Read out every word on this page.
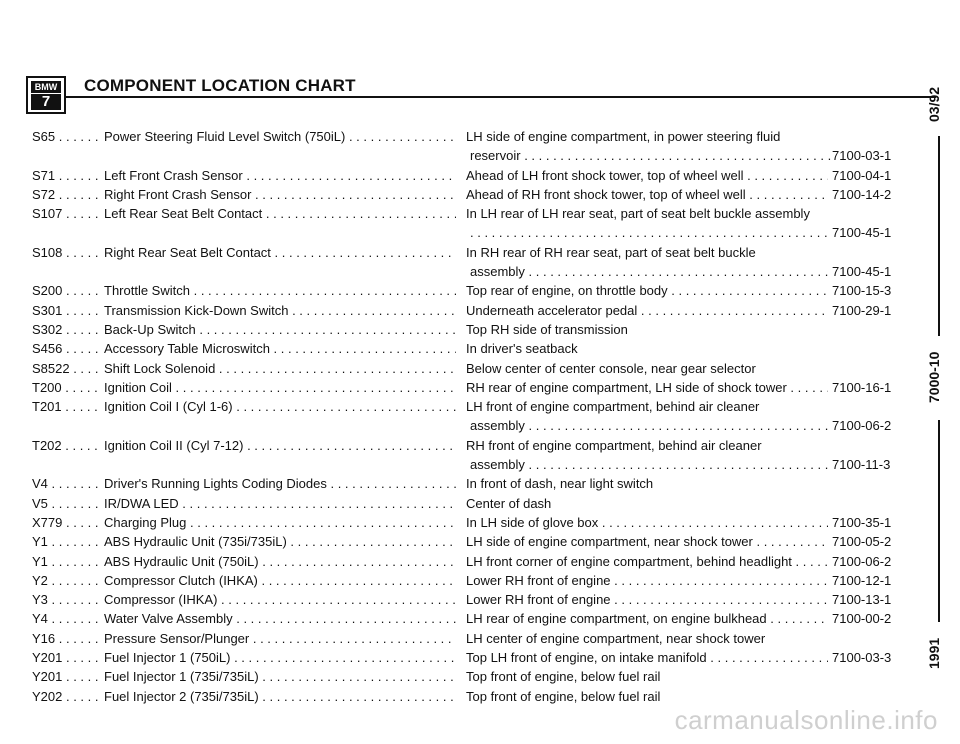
BMW
7
COMPONENT LOCATION CHART
S65 . . .	Power Steering Fluid Level Switch (750iL) . . .	LH side of engine compartment, in power steering fluid
reservoir . . .	7100-03-1
S71 . . .	Left Front Crash Sensor . . .	Ahead of LH front shock tower, top of wheel well . . .	7100-04-1
S72 . . .	Right Front Crash Sensor . . .	Ahead of RH front shock tower, top of wheel well . . .	7100-14-2
S107 . . .	Left Rear Seat Belt Contact . . .	In LH rear of LH rear seat, part of seat belt buckle assembly
. . .
7100-45-1
S108 . . .	Right Rear Seat Belt Contact . . .	In RH rear of RH rear seat, part of seat belt buckle
assembly . . .	7100-45-1
S200 . . .	Throttle Switch . . .	Top rear of engine, on throttle body . . .	7100-15-3
S301 . . .	Transmission Kick-Down Switch . . .	Underneath accelerator pedal . . .	7100-29-1
S302 . . .	Back-Up Switch . . .	Top RH side of transmission
S456 . . .	Accessory Table Microswitch . . .	In driver's seatback
S8522 . . .	Shift Lock Solenoid . . .	Below center of center console, near gear selector
T200 . . .	Ignition Coil . . .	RH rear of engine compartment, LH side of shock tower . . .	7100-16-1
T201 . . .	Ignition Coil I (Cyl 1-6) . . .	LH front of engine compartment, behind air cleaner
assembly . . .	7100-06-2
T202 . . .	Ignition Coil II (Cyl 7-12) . . .	RH front of engine compartment, behind air cleaner
assembly . . .	7100-11-3
V4 . . .	Driver's Running Lights Coding Diodes . . .	In front of dash, near light switch
V5 . . .	IR/DWA LED . . .	Center of dash
X779 . . .	Charging Plug . . .	In LH side of glove box . . .	7100-35-1
Y1 . . .	ABS Hydraulic Unit (735i/735iL) . . .	LH side of engine compartment, near shock tower . . .	7100-05-2
Y1 . . .	ABS Hydraulic Unit (750iL) . . .	LH front corner of engine compartment, behind headlight . . .	7100-06-2
Y2 . . .	Compressor Clutch (IHKA) . . .	Lower RH front of engine . . .	7100-12-1
Y3 . . .	Compressor (IHKA) . . .	Lower RH front of engine . . .	7100-13-1
Y4 . . .	Water Valve Assembly . . .	LH rear of engine compartment, on engine bulkhead . . .	7100-00-2
Y16 . . .	Pressure Sensor/Plunger . . .	LH center of engine compartment, near shock tower
Y201 . . .	Fuel Injector 1 (750iL) . . .	Top LH front of engine, on intake manifold . . .	7100-03-3
Y201 . . .	Fuel Injector 1 (735i/735iL) . . .	Top front of engine, below fuel rail
Y202 . . .	Fuel Injector 2 (735i/735iL) . . .	Top front of engine, below fuel rail
03/92
7000-10
1991
carmanualsonline.info
